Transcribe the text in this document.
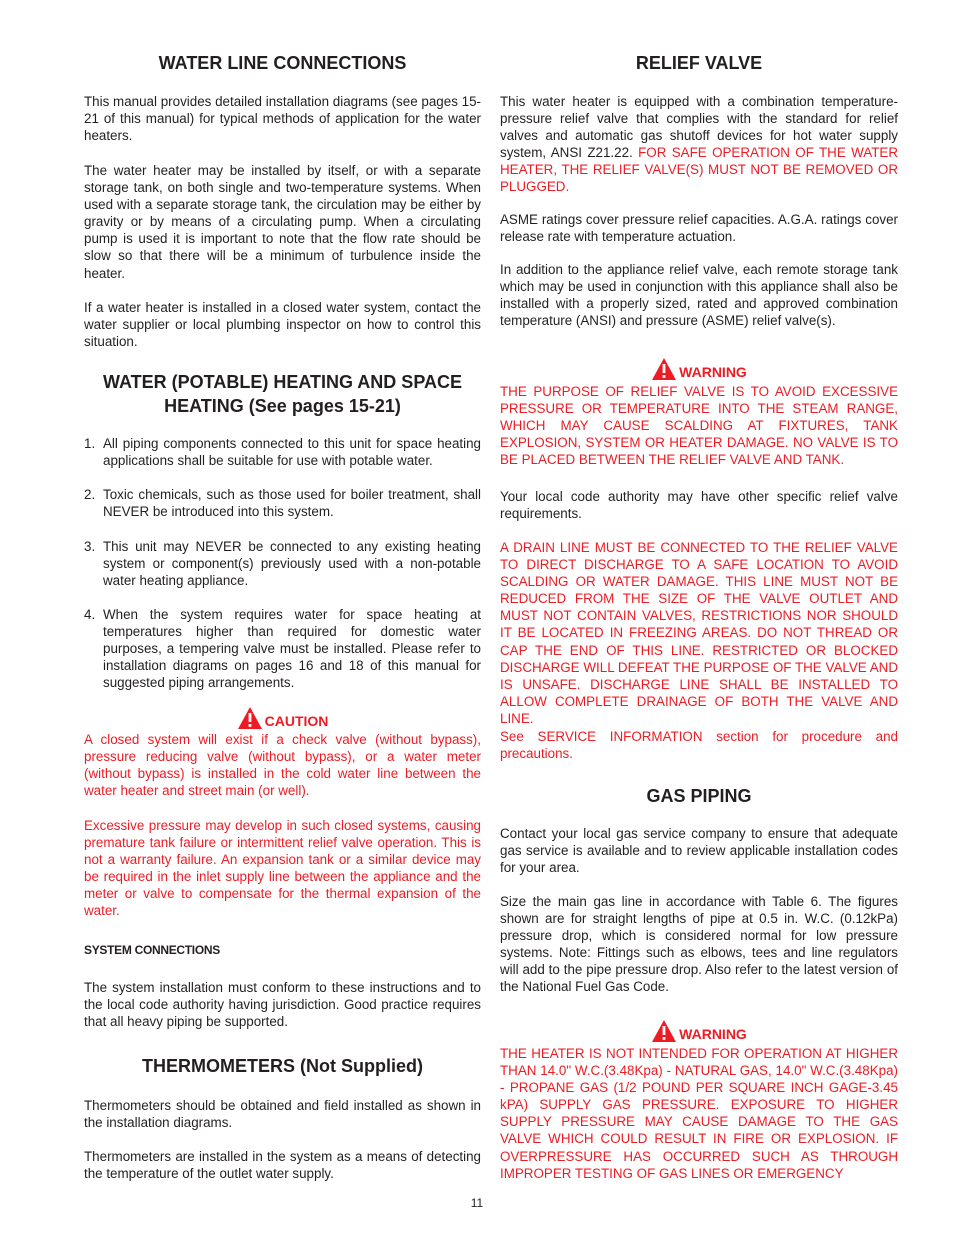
WATER LINE CONNECTIONS
This manual provides detailed installation diagrams (see pages 15-21 of this manual) for typical methods of application for the water heaters.
The water heater may be installed by itself, or with a separate storage tank, on both single and two-temperature systems. When used with a separate storage tank, the circulation may be either by gravity or by means of a circulating pump. When a circulating pump is used it is important to note that the flow rate should be slow so that there will be a minimum of turbulence inside the heater.
If a water heater is installed in a closed water system, contact the water supplier or local plumbing inspector on how to control this situation.
WATER (POTABLE) HEATING AND SPACE
HEATING (See pages 15-21)
1. All piping components connected to this unit for space heating applications shall be suitable for use with potable water.
2. Toxic chemicals, such as those used for boiler treatment, shall NEVER be introduced into this system.
3. This unit may NEVER be connected to any existing heating system or component(s) previously used with a non-potable water heating appliance.
4. When the system requires water for space heating at temperatures higher than required for domestic water purposes, a tempering valve must be installed. Please refer to installation diagrams on pages 16 and 18 of this manual for suggested piping arrangements.
CAUTION
A closed system will exist if a check valve (without bypass), pressure reducing valve (without bypass), or a water meter (without bypass) is installed in the cold water line between the water heater and street main (or well).
Excessive pressure may develop in such closed systems, causing premature tank failure or intermittent relief valve operation. This is not a warranty failure. An expansion tank or a similar device may be required in the inlet supply line between the appliance and the meter or valve to compensate for the thermal expansion of the water.
SYSTEM CONNECTIONS
The system installation must conform to these instructions and to the local code authority having jurisdiction. Good practice requires that all heavy piping be supported.
THERMOMETERS (Not Supplied)
Thermometers should be obtained and field installed as shown in the installation diagrams.
Thermometers are installed in the system as a means of detecting the temperature of the outlet water supply.
RELIEF VALVE
This water heater is equipped with a combination temperature-pressure relief valve that complies with the standard for relief valves and automatic gas shutoff devices for hot water supply system, ANSI Z21.22. FOR SAFE OPERATION OF THE WATER HEATER, THE RELIEF VALVE(S) MUST NOT BE REMOVED OR PLUGGED.
ASME ratings cover pressure relief capacities. A.G.A. ratings cover release rate with temperature actuation.
In addition to the appliance relief valve, each remote storage tank which may be used in conjunction with this appliance shall also be installed with a properly sized, rated and approved combination temperature (ANSI) and pressure (ASME) relief valve(s).
WARNING
THE PURPOSE OF RELIEF VALVE IS TO AVOID EXCESSIVE PRESSURE OR TEMPERATURE INTO THE STEAM RANGE, WHICH MAY CAUSE SCALDING AT FIXTURES, TANK EXPLOSION, SYSTEM OR HEATER DAMAGE. NO VALVE IS TO BE PLACED BETWEEN THE RELIEF VALVE AND TANK.
Your local code authority may have other specific relief valve requirements.
A DRAIN LINE MUST BE CONNECTED TO THE RELIEF VALVE TO DIRECT DISCHARGE TO A SAFE LOCATION TO AVOID SCALDING OR WATER DAMAGE. THIS LINE MUST NOT BE REDUCED FROM THE SIZE OF THE VALVE OUTLET AND MUST NOT CONTAIN VALVES, RESTRICTIONS NOR SHOULD IT BE LOCATED IN FREEZING AREAS. DO NOT THREAD OR CAP THE END OF THIS LINE. RESTRICTED OR BLOCKED DISCHARGE WILL DEFEAT THE PURPOSE OF THE VALVE AND IS UNSAFE. DISCHARGE LINE SHALL BE INSTALLED TO ALLOW COMPLETE DRAINAGE OF BOTH THE VALVE AND LINE.
See SERVICE INFORMATION section for procedure and precautions.
GAS PIPING
Contact your local gas service company to ensure that adequate gas service is available and to review applicable installation codes for your area.
Size the main gas line in accordance with Table 6. The figures shown are for straight lengths of pipe at 0.5 in. W.C. (0.12kPa) pressure drop, which is considered normal for low pressure systems. Note: Fittings such as elbows, tees and line regulators will add to the pipe pressure drop. Also refer to the latest version of the National Fuel Gas Code.
WARNING
THE HEATER IS NOT INTENDED FOR OPERATION AT HIGHER THAN 14.0" W.C.(3.48Kpa) - NATURAL GAS, 14.0" W.C.(3.48Kpa) - PROPANE GAS (1/2 POUND PER SQUARE INCH GAGE-3.45 kPA) SUPPLY GAS PRESSURE. EXPOSURE TO HIGHER SUPPLY PRESSURE MAY CAUSE DAMAGE TO THE GAS VALVE WHICH COULD RESULT IN FIRE OR EXPLOSION. IF OVERPRESSURE HAS OCCURRED SUCH AS THROUGH IMPROPER TESTING OF GAS LINES OR EMERGENCY
11
